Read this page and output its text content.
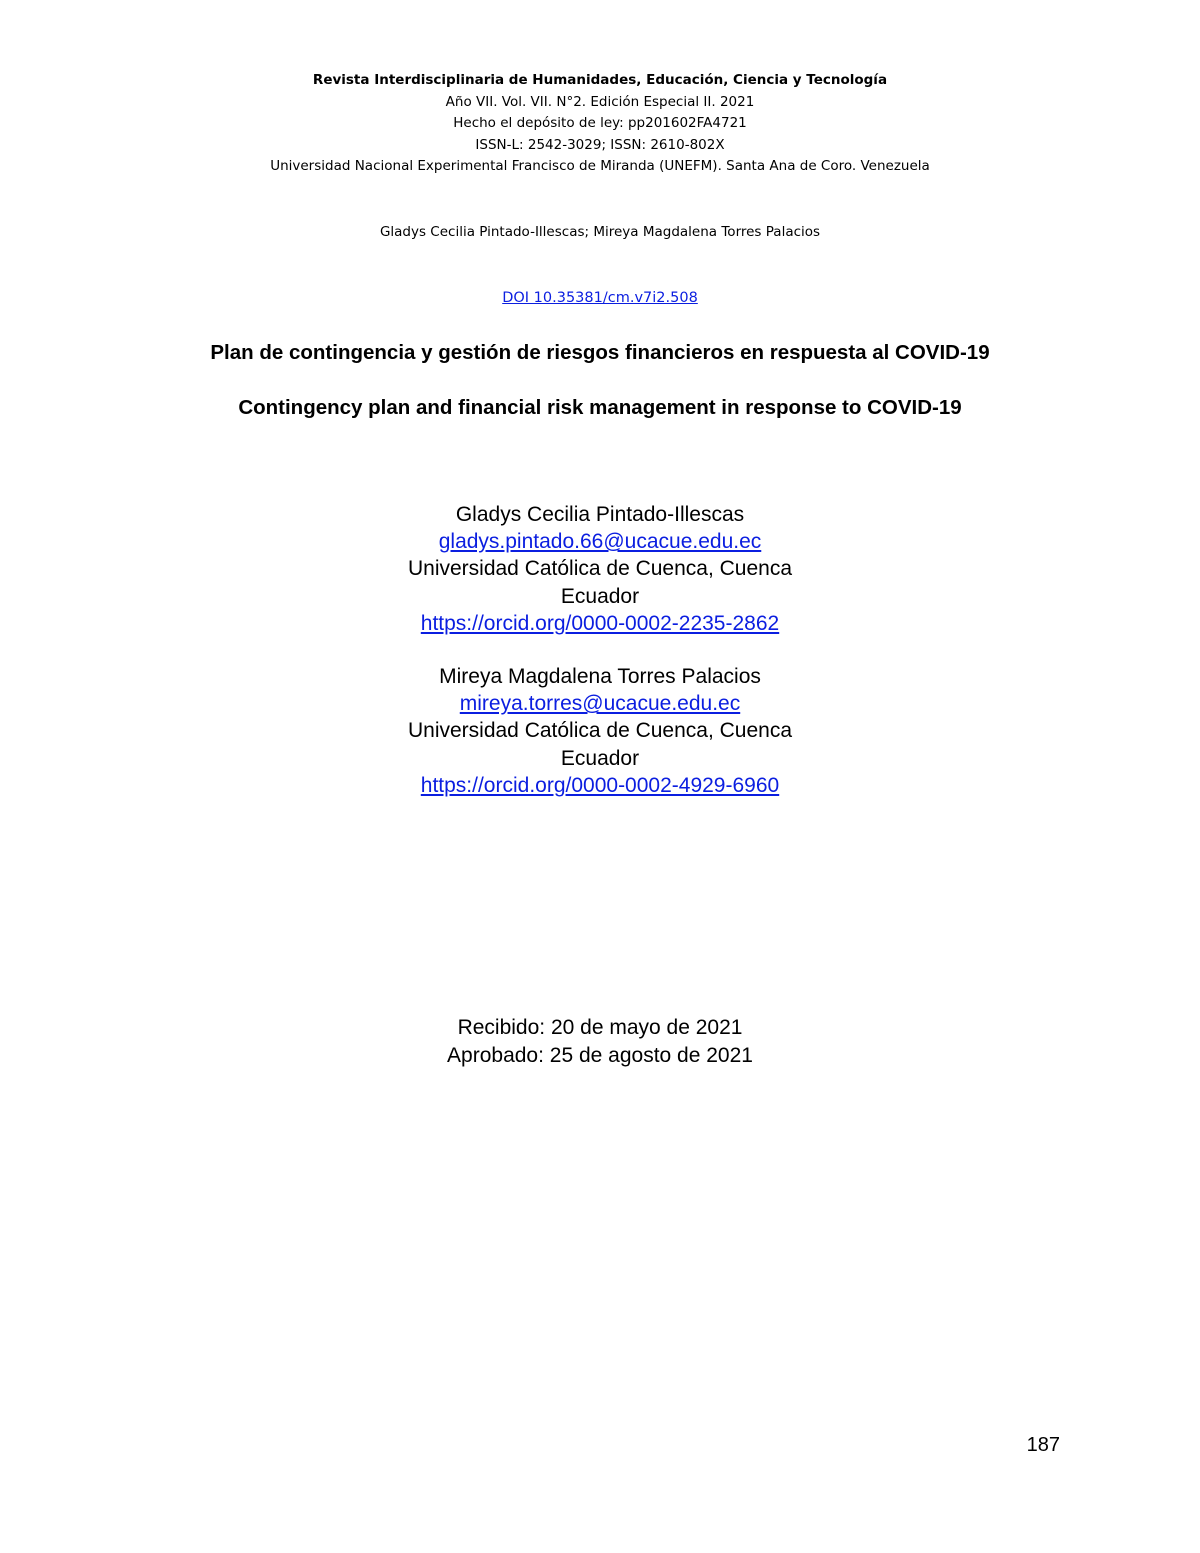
Revista Interdisciplinaria de Humanidades, Educación, Ciencia y Tecnología
Año VII. Vol. VII. N°2. Edición Especial II. 2021
Hecho el depósito de ley: pp201602FA4721
ISSN-L: 2542-3029; ISSN: 2610-802X
Universidad Nacional Experimental Francisco de Miranda (UNEFM). Santa Ana de Coro. Venezuela
Gladys Cecilia Pintado-Illescas; Mireya Magdalena Torres Palacios
DOI 10.35381/cm.v7i2.508
Plan de contingencia y gestión de riesgos financieros en respuesta al COVID-19
Contingency plan and financial risk management in response to COVID-19
Gladys Cecilia Pintado-Illescas
gladys.pintado.66@ucacue.edu.ec
Universidad Católica de Cuenca, Cuenca
Ecuador
https://orcid.org/0000-0002-2235-2862
Mireya Magdalena Torres Palacios
mireya.torres@ucacue.edu.ec
Universidad Católica de Cuenca, Cuenca
Ecuador
https://orcid.org/0000-0002-4929-6960
Recibido: 20 de mayo de 2021
Aprobado: 25 de agosto de 2021
187
